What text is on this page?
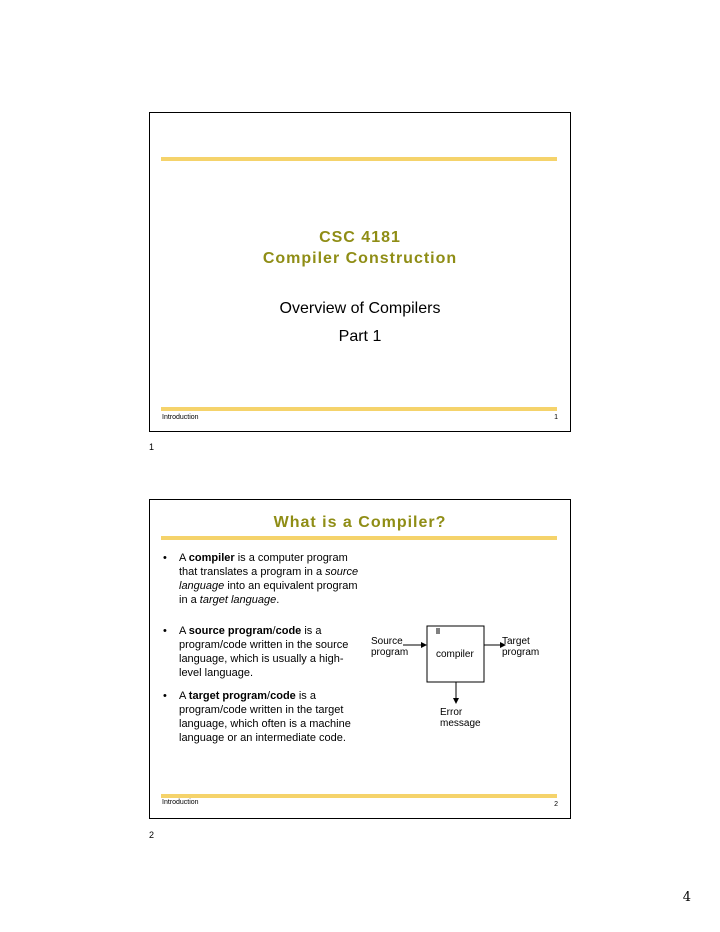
CSC 4181
Compiler Construction
Overview of Compilers
Part 1
Introduction	1
1
What is a Compiler?
• A compiler is a computer program that translates a program in a source language into an equivalent program in a target language.
• A source program/code is a program/code written in the source language, which is usually a high-level language.
• A target program/code is a program/code written in the target language, which often is a machine language or an intermediate code.
Source
program	compiler
Target
program
Error
message
Introduction	2
2
4
